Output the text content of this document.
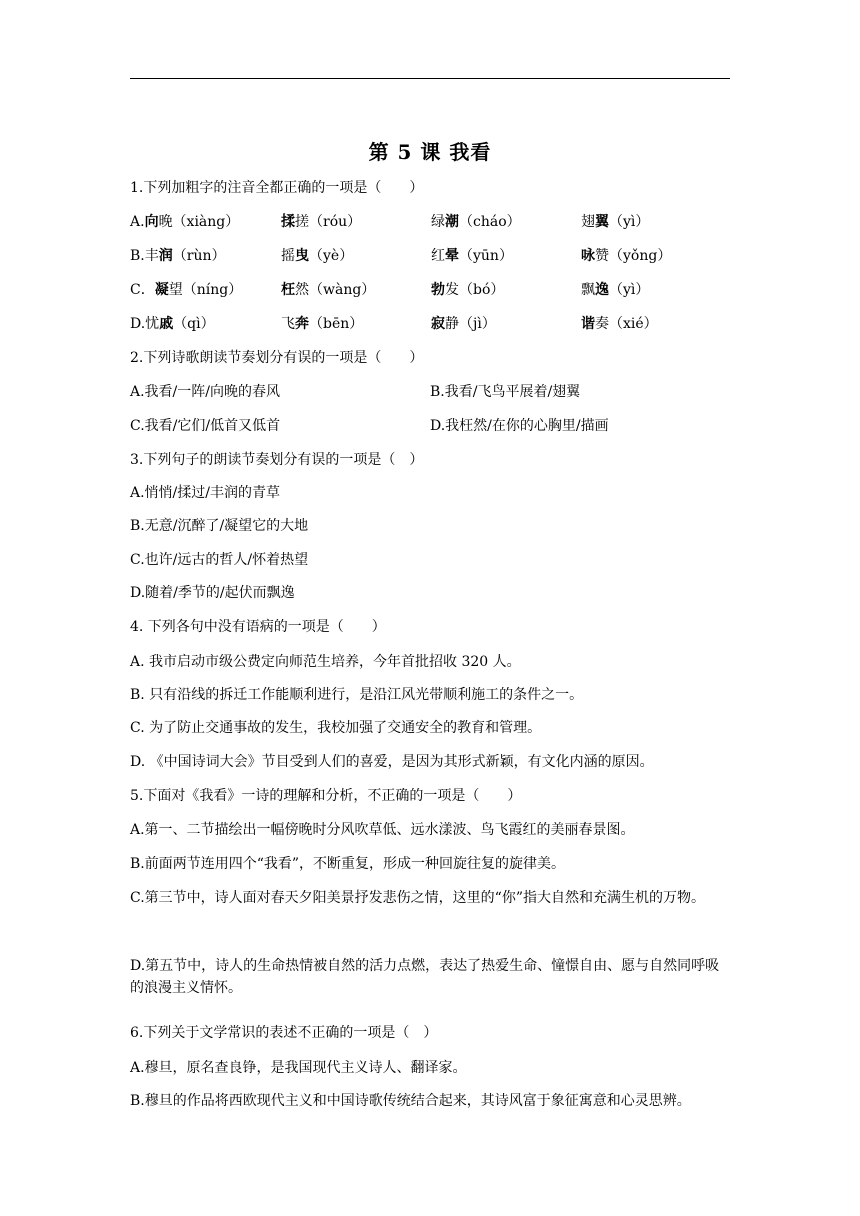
第 5 课 我看
1.下列加粗字的注音全都正确的一项是（　　）
A.向晚（xiàng）	揉搓（róu）	绿潮（cháo）	翅翼（yì）
B.丰润（rùn）	摇曳（yè）	红晕（yūn）	咏赞（yǒng）
C．凝望（níng）	枉然（wàng）	勃发（bó）	飘逸（yì）
D.忧戚（qì）	飞奔（bēn）	寂静（jì）	谐奏（xié）
2.下列诗歌朗读节奏划分有误的一项是（　　）
A.我看/一阵/向晚的春风	B.我看/飞鸟平展着/翅翼
C.我看/它们/低首又低首	D.我枉然/在你的心胸里/描画
3.下列句子的朗读节奏划分有误的一项是（　）
A.悄悄/揉过/丰润的青草
B.无意/沉醉了/凝望它的大地
C.也许/远古的哲人/怀着热望
D.随着/季节的/起伏而飘逸
4. 下列各句中没有语病的一项是（　　）
A. 我市启动市级公费定向师范生培养，今年首批招收 320 人。
B. 只有沿线的拆迁工作能顺利进行，是沿江风光带顺利施工的条件之一。
C. 为了防止交通事故的发生，我校加强了交通安全的教育和管理。
D. 《中国诗词大会》节目受到人们的喜爱，是因为其形式新颖，有文化内涵的原因。
5.下面对《我看》一诗的理解和分析，不正确的一项是（　　）
A.第一、二节描绘出一幅傍晚时分风吹草低、远水漾波、鸟飞霞红的美丽春景图。
B.前面两节连用四个“我看”，不断重复，形成一种回旋往复的旋律美。
C.第三节中，诗人面对春天夕阳美景抒发悲伤之情，这里的“你”指大自然和充满生机的万物。
D.第五节中，诗人的生命热情被自然的活力点燃，表达了热爱生命、憧憬自由、愿与自然同呼吸的浪漫主义情怀。
6.下列关于文学常识的表述不正确的一项是（　）
A.穆旦，原名查良铮，是我国现代主义诗人、翻译家。
B.穆旦的作品将西欧现代主义和中国诗歌传统结合起来，其诗风富于象征寓意和心灵思辨。
